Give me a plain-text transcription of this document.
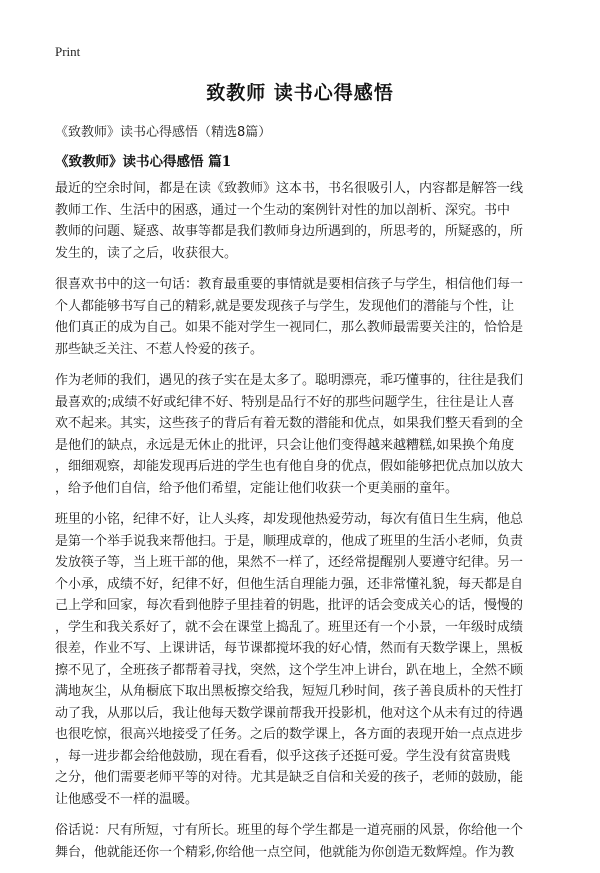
Print
致教师 读书心得感悟
《致教师》读书心得感悟（精选8篇）
《致教师》读书心得感悟 篇1

最近的空余时间，都是在读《致教师》这本书，书名很吸引人，内容都是解答一线
教师工作、生活中的困惑，通过一个生动的案例针对性的加以剖析、深究。书中
教师的问题、疑惑、故事等都是我们教师身边所遇到的，所思考的，所疑惑的，所
发生的，读了之后，收获很大。

很喜欢书中的这一句话：教育最重要的事情就是要相信孩子与学生，相信他们每一
个人都能够书写自己的精彩,就是要发现孩子与学生，发现他们的潜能与个性，让
他们真正的成为自己。如果不能对学生一视同仁，那么教师最需要关注的，恰恰是
那些缺乏关注、不惹人怜爱的孩子。

作为老师的我们，遇见的孩子实在是太多了。聪明漂亮，乖巧懂事的，往往是我们
最喜欢的;成绩不好或纪律不好、特别是品行不好的那些问题学生，往往是让人喜
欢不起来。其实，这些孩子的背后有着无数的潜能和优点，如果我们整天看到的全
是他们的缺点，永远是无休止的批评，只会让他们变得越来越糟糕,如果换个角度
，细细观察，却能发现再后进的学生也有他自身的优点，假如能够把优点加以放大
，给予他们自信，给予他们希望，定能让他们收获一个更美丽的童年。

班里的小铭，纪律不好，让人头疼，却发现他热爱劳动，每次有值日生生病，他总
是第一个举手说我来帮他扫。于是，顺理成章的，他成了班里的生活小老师，负责
发放筷子等，当上班干部的他，果然不一样了，还经常提醒别人要遵守纪律。另一
个小承，成绩不好，纪律不好，但他生活自理能力强，还非常懂礼貌，每天都是自
己上学和回家，每次看到他脖子里挂着的钥匙，批评的话会变成关心的话，慢慢的
，学生和我关系好了，就不会在课堂上捣乱了。班里还有一个小景，一年级时成绩
很差，作业不写、上课讲话，每节课都搅坏我的好心情，然而有天数学课上，黑板
擦不见了，全班孩子都帮着寻找，突然，这个学生冲上讲台，趴在地上，全然不顾
满地灰尘，从角橱底下取出黑板擦交给我，短短几秒时间，孩子善良质朴的天性打
动了我，从那以后，我让他每天数学课前帮我开投影机，他对这个从未有过的待遇
也很吃惊，很高兴地接受了任务。之后的数学课上，各方面的表现开始一点点进步
，每一进步都会给他鼓励，现在看看，似乎这孩子还挺可爱。学生没有贫富贵贱
之分，他们需要老师平等的对待。尤其是缺乏自信和关爱的孩子，老师的鼓励，能
让他感受不一样的温暖。

俗话说：尺有所短，寸有所长。班里的每个学生都是一道亮丽的风景，你给他一个
舞台，他就能还你一个精彩,你给他一点空间，他就能为你创造无数辉煌。作为教
